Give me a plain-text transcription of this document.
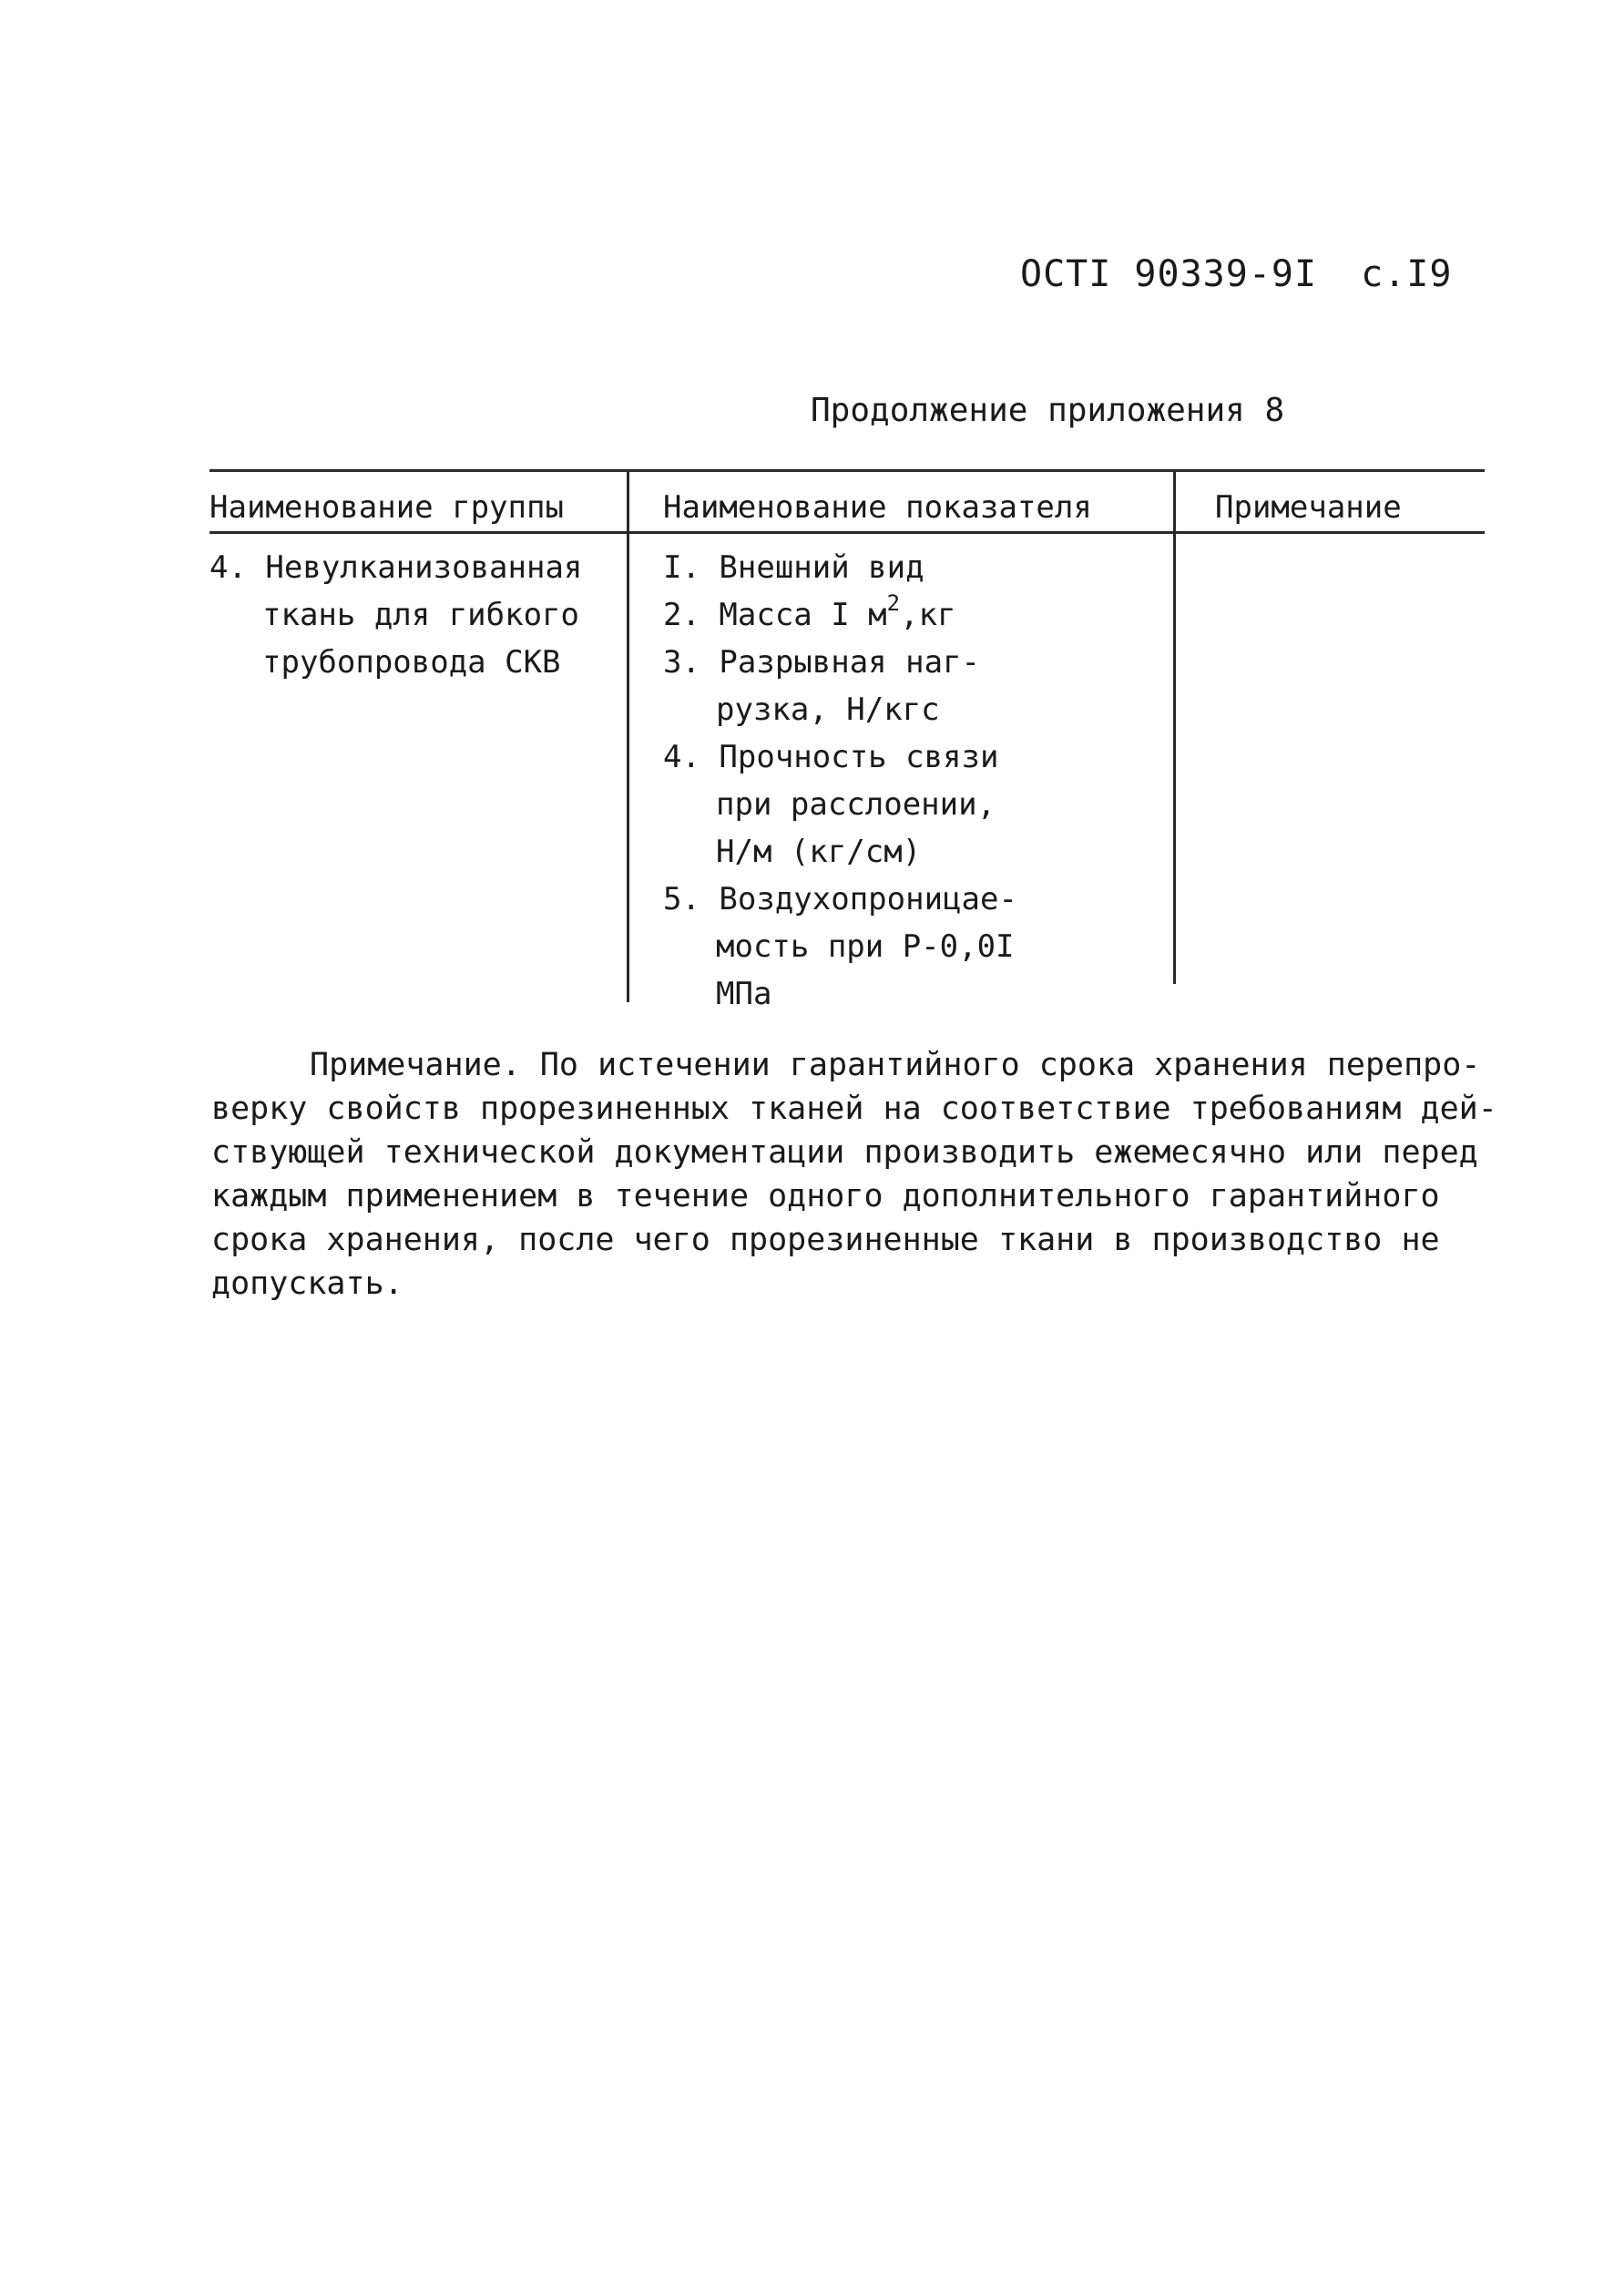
ОСТI 90339-9I с.I9
Продолжение приложения 8
Наименование группы	Наименование показателя	Примечание
4. Невулканизованная
ткань для гибкого
трубопровода СКВ
I. Внешний вид
2. Масса I $м^2,кг$
3. Разрывная наг-
рузка, Н/кгс
4. Прочность связи
при расслоении,
Н/м (кг/см)
5. Воздухопроницае-
мость при Р-0,0I
МПа
Примечание. По истечении гарантийного срока хранения перепро-
верку свойств прорезиненных тканей на соответствие требованиям дей-
ствующей технической документации производить ежемесячно или перед
каждым применением в течение одного дополнительного гарантийного
срока хранения, после чего прорезиненные ткани в производство не
допускать.
